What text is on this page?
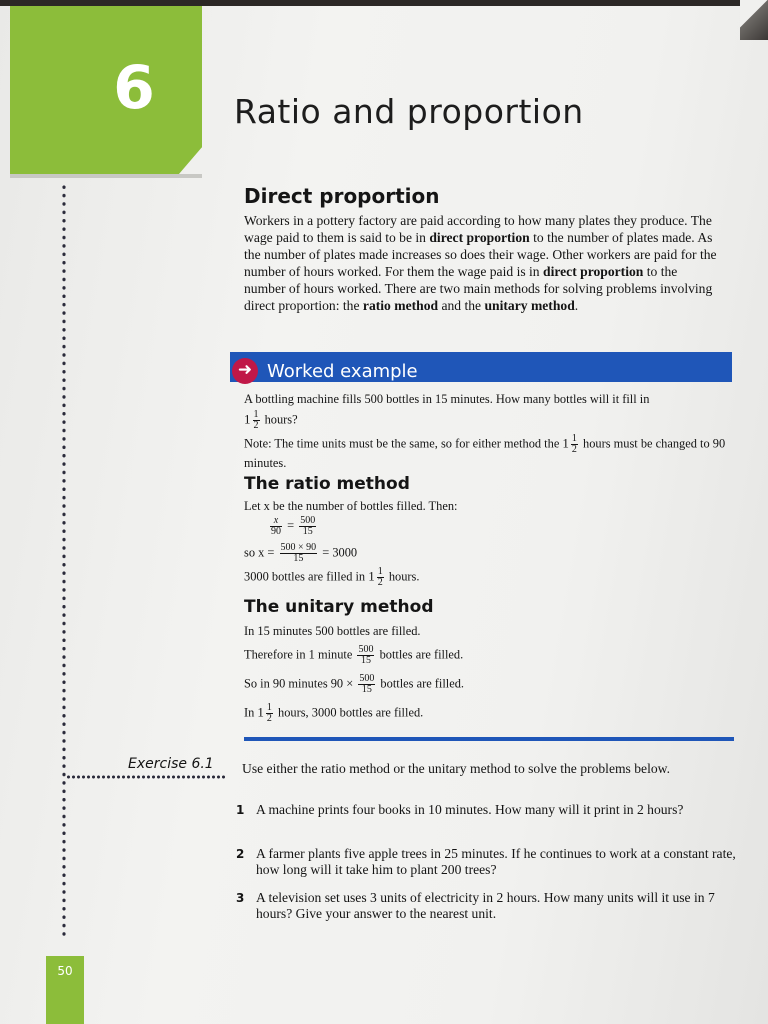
6 Ratio and proportion
Direct proportion

Workers in a pottery factory are paid according to how many plates they produce. The wage paid to them is said to be in direct proportion to the number of plates made. As the number of plates made increases so does their wage. Other workers are paid for the number of hours worked. For them the wage paid is in direct proportion to the number of hours worked. There are two main methods for solving problems involving direct proportion: the ratio method and the unitary method.

➜ Worked example

A bottling machine fills 500 bottles in 15 minutes. How many bottles will it fill in

$1 \frac{1}{2}$ hours?

Note: The time units must be the same, so for either method the $1 \frac{1}{2}$ hours must be changed to 90 minutes.

The ratio method

Let x be the number of bottles filled. Then:

$\frac{x}{90} = \frac{500}{15}$

so $x = \frac{500 \times 90}{15} = 3000$

3000 bottles are filled in $1 \frac{1}{2}$ hours.

The unitary method

In 15 minutes 500 bottles are filled.

Therefore in 1 minute $\frac{500}{15}$ bottles are filled.

So in 90 minutes $90 \times \frac{500}{15}$ bottles are filled.

In $1 \frac{1}{2}$ hours, 3000 bottles are filled.

Exercise 6.1 Use either the ratio method or the unitary method to solve the problems below.

1 A machine prints four books in 10 minutes. How many will it print in 2 hours?
2 A farmer plants five apple trees in 25 minutes. If he continues to work at a constant rate, how long will it take him to plant 200 trees?
3 A television set uses 3 units of electricity in 2 hours. How many units will it use in 7 hours? Give your answer to the nearest unit.
50
